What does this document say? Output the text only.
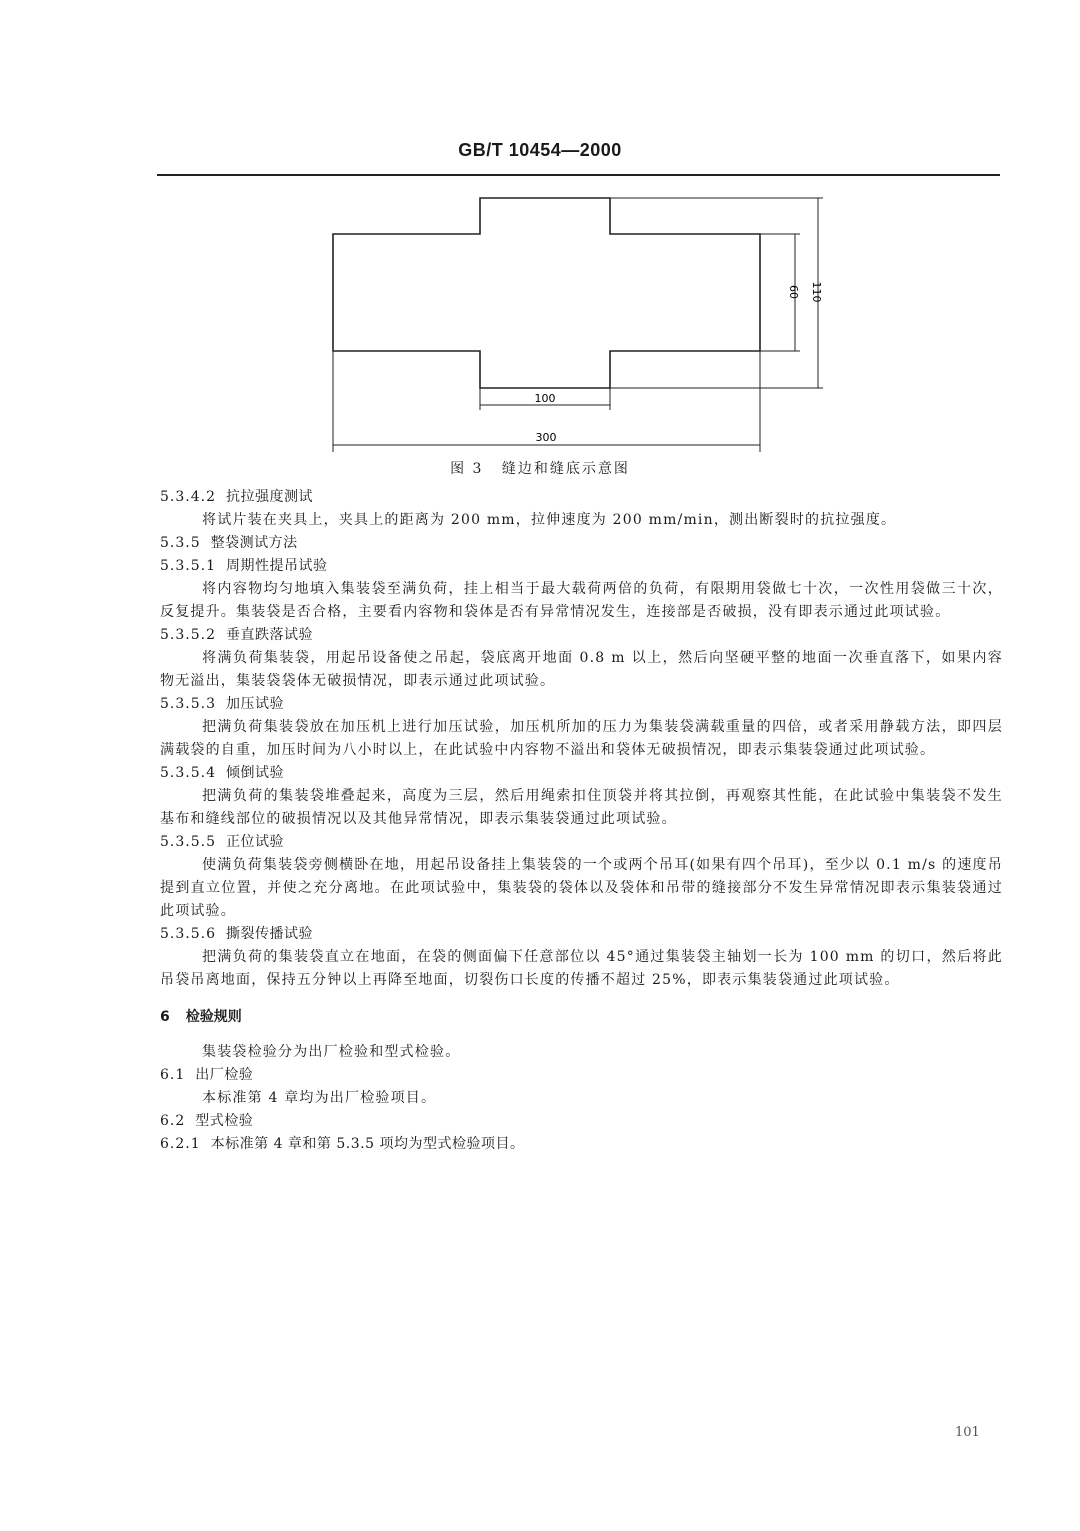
GB/T 10454—2000
100
300
60 110
图 3 缝边和缝底示意图

5.3.4.2 抗拉强度测试

将试片装在夹具上，夹具上的距离为 200 mm，拉伸速度为 200 mm/min，测出断裂时的抗拉强度。

5.3.5 整袋测试方法

5.3.5.1 周期性提吊试验

将内容物均匀地填入集装袋至满负荷，挂上相当于最大载荷两倍的负荷，有限期用袋做七十次，一次性用袋做三十次，反复提升。集装袋是否合格，主要看内容物和袋体是否有异常情况发生，连接部是否破损，没有即表示通过此项试验。

5.3.5.2 垂直跌落试验

将满负荷集装袋，用起吊设备使之吊起，袋底离开地面 0.8 m 以上，然后向坚硬平整的地面一次垂直落下，如果内容物无溢出，集装袋袋体无破损情况，即表示通过此项试验。

5.3.5.3 加压试验

把满负荷集装袋放在加压机上进行加压试验，加压机所加的压力为集装袋满载重量的四倍，或者采用静载方法，即四层满载袋的自重，加压时间为八小时以上，在此试验中内容物不溢出和袋体无破损情况，即表示集装袋通过此项试验。

5.3.5.4 倾倒试验

把满负荷的集装袋堆叠起来，高度为三层，然后用绳索扣住顶袋并将其拉倒，再观察其性能，在此试验中集装袋不发生基布和缝线部位的破损情况以及其他异常情况，即表示集装袋通过此项试验。

5.3.5.5 正位试验

使满负荷集装袋旁侧横卧在地，用起吊设备挂上集装袋的一个或两个吊耳(如果有四个吊耳)，至少以 0.1 m/s 的速度吊提到直立位置，并使之充分离地。在此项试验中，集装袋的袋体以及袋体和吊带的缝接部分不发生异常情况即表示集装袋通过此项试验。

5.3.5.6 撕裂传播试验

把满负荷的集装袋直立在地面，在袋的侧面偏下任意部位以 45°通过集装袋主轴划一长为 100 mm 的切口，然后将此吊袋吊离地面，保持五分钟以上再降至地面，切裂伤口长度的传播不超过 25%，即表示集装袋通过此项试验。

6 检验规则

集装袋检验分为出厂检验和型式检验。

6.1 出厂检验

本标准第 4 章均为出厂检验项目。

6.2 型式检验

6.2.1 本标准第 4 章和第 5.3.5 项均为型式检验项目。

101
